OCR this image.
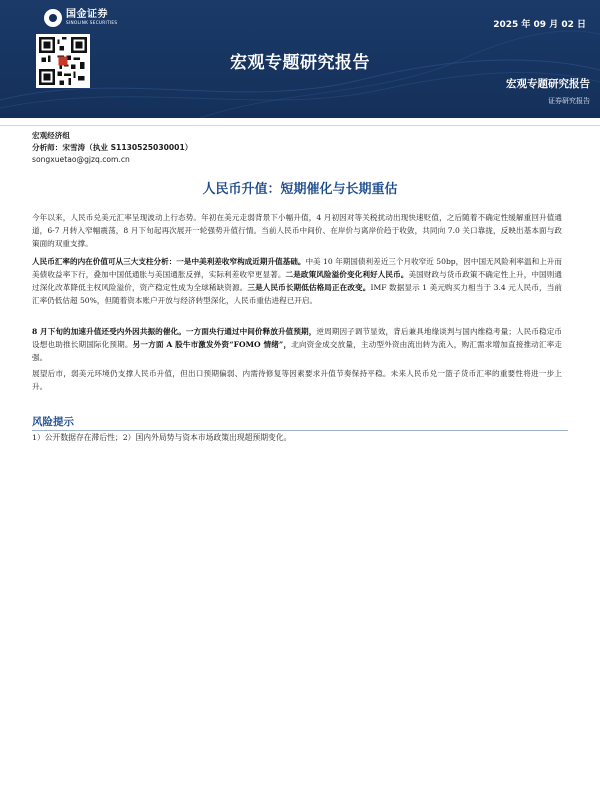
国金证券
SINOLINK SECURITIES	2025 年 09 月 02 日
宏观专题研究报告
宏观专题研究报告
证券研究报告
宏观经济组
分析师：宋雪涛（执业 S1130525030001）
songxuetao@gjzq.com.cn
人民币升值：短期催化与长期重估
今年以来，人民币兑美元汇率呈现波动上行态势。年初在美元走弱背景下小幅升值，4 月初因对等关税扰动出现快速贬值，之后随着不确定性缓解重回升值通道，6-7 月转入窄幅震荡，8 月下旬起再次展开一轮强势升值行情。当前人民币中间价、在岸价与离岸价趋于收敛，共同向 7.0 关口靠拢，反映出基本面与政策面的双重支撑。
人民币汇率的内在价值可从三大支柱分析：一是中美利差收窄构成近期升值基础。中美 10 年期国债利差近三个月收窄近 50bp，因中国无风险利率温和上升而美债收益率下行，叠加中国低通胀与美国通胀反弹，实际利差收窄更显著。二是政策风险溢价变化利好人民币。美国财政与货币政策不确定性上升，中国则通过深化改革降低主权风险溢价，资产稳定性成为全球稀缺资源。三是人民币长期低估格局正在改变。IMF 数据显示 1 美元购买力相当于 3.4 元人民币，当前汇率仍低估超 50%，但随着资本账户开放与经济转型深化，人民币重估进程已开启。
8 月下旬的加速升值还受内外因共振的催化。一方面央行通过中间价释放升值预期，逆周期因子调节显效，背后兼具地缘谈判与国内维稳考量；人民币稳定币设想也助推长期国际化预期。另一方面 A 股牛市激发外资“FOMO 情绪”，北向资金成交放量，主动型外资由流出转为流入，购汇需求增加直接推动汇率走强。
展望后市，弱美元环境仍支撑人民币升值，但出口预期偏弱、内需待修复等因素要求升值节奏保持平稳。未来人民币兑一篮子货币汇率的重要性将进一步上升。
风险提示
1）公开数据存在滞后性；2）国内外局势与资本市场政策出现超预期变化。
